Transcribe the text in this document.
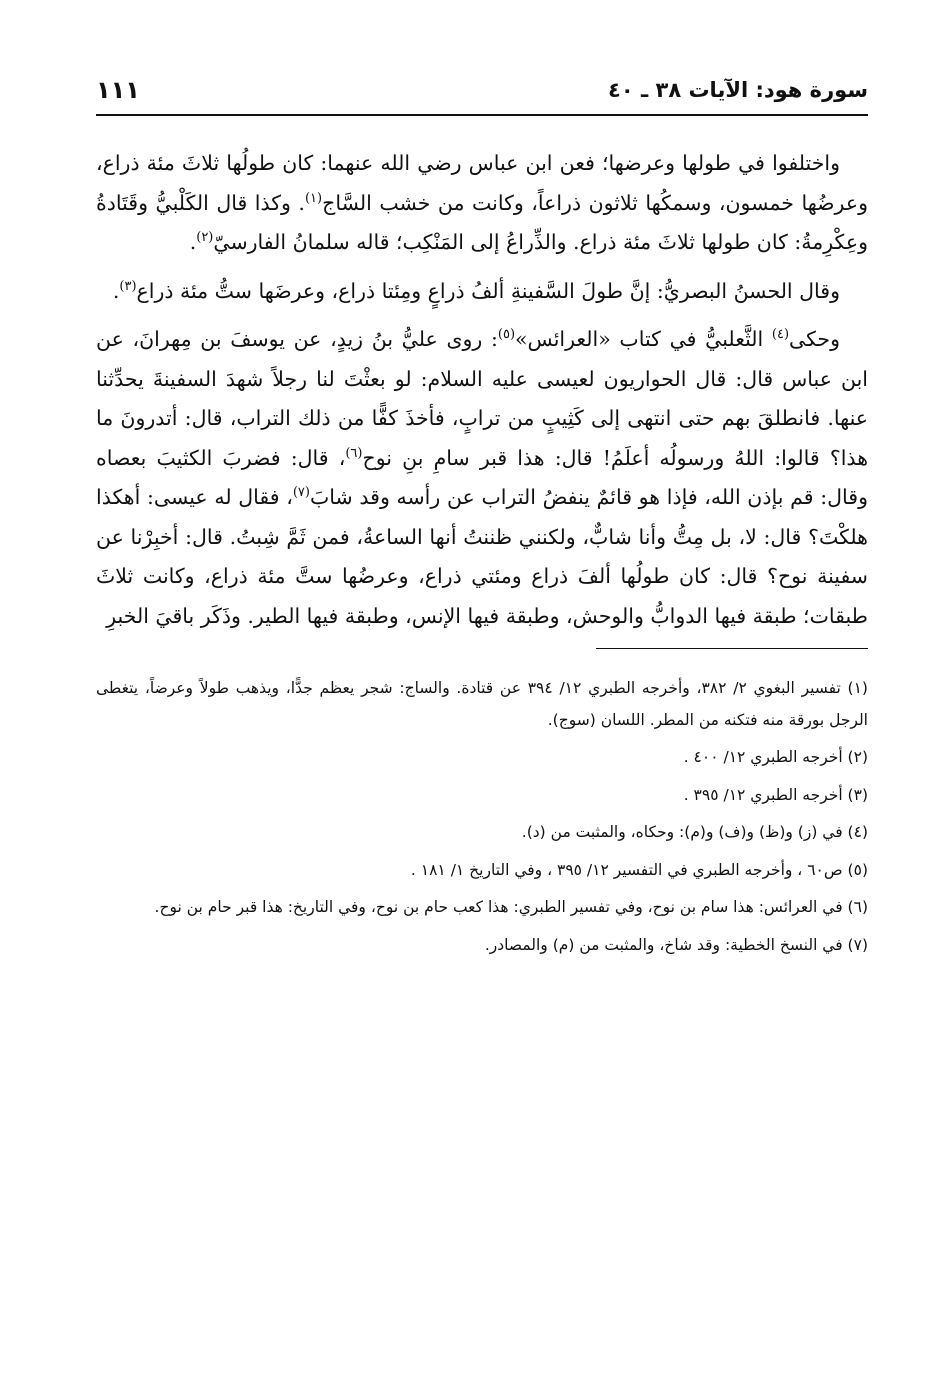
سورة هود: الآيات ٣٨ ـ ٤٠
١١١

واختلفوا في طولها وعرضها؛ فعن ابن عباس رضي الله عنهما: كان طولُها ثلاثَ مئة ذراع، وعرضُها خمسون، وسمكُها ثلاثون ذراعاً، وكانت من خشب السَّاج$^{(١)}$. وكذا قال الكَلْبيُّ وقَتَادةُ وعِكْرِمةُ: كان طولها ثلاثَ مئة ذراع. والذِّراعُ إلى المَنْكِب؛ قاله سلمانُ الفارسيّ$^{(٢)}$.

وقال الحسنُ البصريُّ: إنَّ طولَ السَّفينةِ ألفُ ذراعٍ ومِئتا ذراع، وعرضَها ستُّ مئة ذراع$^{(٣)}$.

وحكى$^{(٤)}$ الثَّعلبيُّ في كتاب «العرائس»$^{(٥)}$: روى عليُّ بنُ زيدٍ، عن يوسفَ بن مِهرانَ، عن ابن عباس قال: قال الحواريون لعيسى عليه السلام: لو بعثْتَ لنا رجلاً شهدَ السفينةَ يحدِّثنا عنها. فانطلقَ بهم حتى انتهى إلى كَثِيبٍ من ترابٍ، فأخذَ كفًّا من ذلك التراب، قال: أتدرونَ ما هذا؟ قالوا: اللهُ ورسولُه أعلَمُ! قال: هذا قبر سامِ بنِ نوح$^{(٦)}$، قال: فضربَ الكثيبَ بعصاه وقال: قم بإذن الله، فإذا هو قائمٌ ينفضُ التراب عن رأسه وقد شابَ$^{(٧)}$، فقال له عيسى: أهكذا هلكْتَ؟ قال: لا، بل مِتُّ وأنا شابٌّ، ولكنني ظننتُ أنها الساعةُ، فمن ثَمَّ شِبتُ. قال: أخبِرْنا عن سفينة نوح؟ قال: كان طولُها ألفَ ذراع ومئتي ذراع، وعرضُها ستَّ مئة ذراع، وكانت ثلاثَ طبقات؛ طبقة فيها الدوابُّ والوحش، وطبقة فيها الإنس، وطبقة فيها الطير. وذَكَر باقيَ الخبرِ

(١) تفسير البغوي ٢/ ٣٨٢، وأخرجه الطبري ١٢/ ٣٩٤ عن قتادة. والساج: شجر يعظم جدًّا، ويذهب طولاً وعرضاً، يتغطى الرجل بورقة منه فتكنه من المطر. اللسان (سوج).
(٢) أخرجه الطبري ١٢/ ٤٠٠ .
(٣) أخرجه الطبري ١٢/ ٣٩٥ .
(٤) في (ز) و(ظ) و(ف) و(م): وحكاه، والمثبت من (د).
(٥) ص٦٠ ، وأخرجه الطبري في التفسير ١٢/ ٣٩٥ ، وفي التاريخ ١/ ١٨١ .
(٦) في العرائس: هذا سام بن نوح، وفي تفسير الطبري: هذا كعب حام بن نوح، وفي التاريخ: هذا قبر حام بن نوح.
(٧) في النسخ الخطية: وقد شاخ، والمثبت من (م) والمصادر.
